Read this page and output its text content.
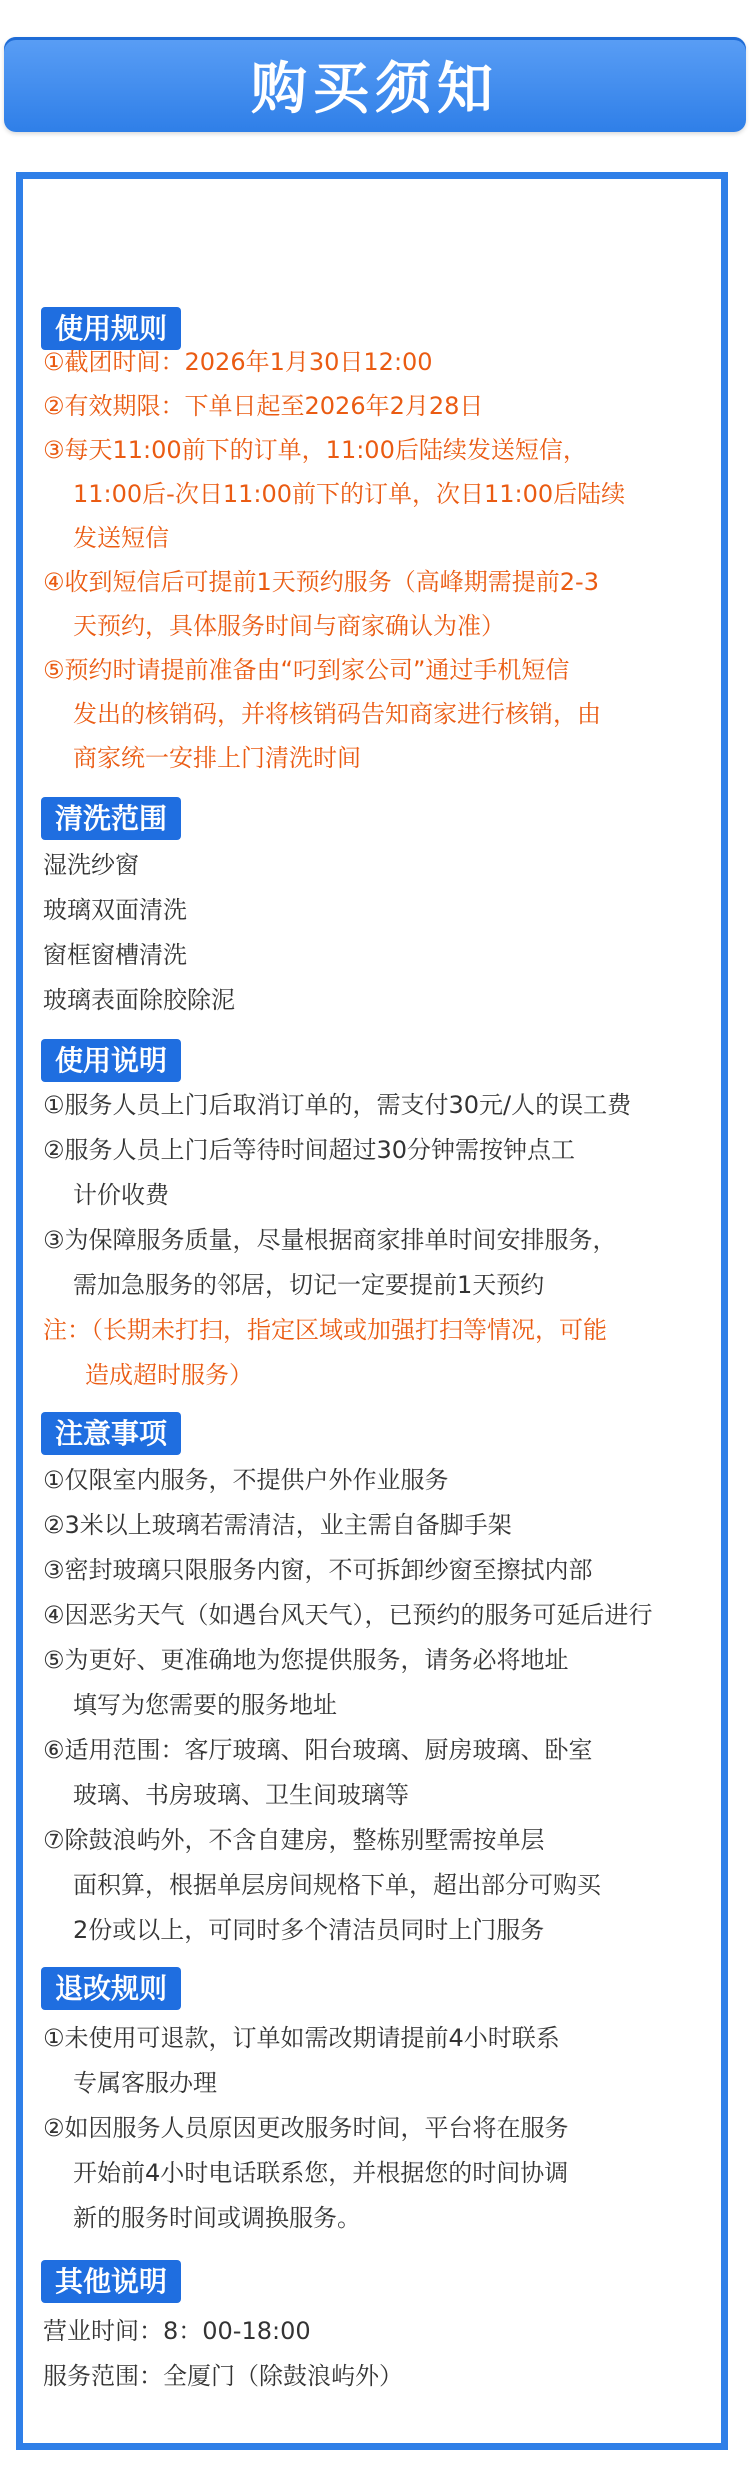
购买须知
使用规则
①截团时间：2026年1月30日12:00
②有效期限：下单日起至2026年2月28日
③每天11:00前下的订单，11:00后陆续发送短信，
11:00后-次日11:00前下的订单，次日11:00后陆续
发送短信
④收到短信后可提前1天预约服务（高峰期需提前2-3
天预约，具体服务时间与商家确认为准）
⑤预约时请提前准备由“叼到家公司”通过手机短信
发出的核销码，并将核销码告知商家进行核销，由
商家统一安排上门清洗时间
清洗范围
湿洗纱窗
玻璃双面清洗
窗框窗槽清洗
玻璃表面除胶除泥
使用说明
①服务人员上门后取消订单的，需支付30元/人的误工费
②服务人员上门后等待时间超过30分钟需按钟点工
计价收费
③为保障服务质量，尽量根据商家排单时间安排服务，
需加急服务的邻居，切记一定要提前1天预约
注：（长期未打扫，指定区域或加强打扫等情况，可能
造成超时服务）
注意事项
①仅限室内服务，不提供户外作业服务
②3米以上玻璃若需清洁，业主需自备脚手架
③密封玻璃只限服务内窗，不可拆卸纱窗至擦拭内部
④因恶劣天气（如遇台风天气），已预约的服务可延后进行
⑤为更好、更准确地为您提供服务，请务必将地址
填写为您需要的服务地址
⑥适用范围：客厅玻璃、阳台玻璃、厨房玻璃、卧室
玻璃、书房玻璃、卫生间玻璃等
⑦除鼓浪屿外，不含自建房，整栋别墅需按单层
面积算，根据单层房间规格下单，超出部分可购买
2份或以上，可同时多个清洁员同时上门服务
退改规则
①未使用可退款，订单如需改期请提前4小时联系
专属客服办理
②如因服务人员原因更改服务时间，平台将在服务
开始前4小时电话联系您，并根据您的时间协调
新的服务时间或调换服务。
其他说明
营业时间：8：00-18:00
服务范围：全厦门（除鼓浪屿外）
